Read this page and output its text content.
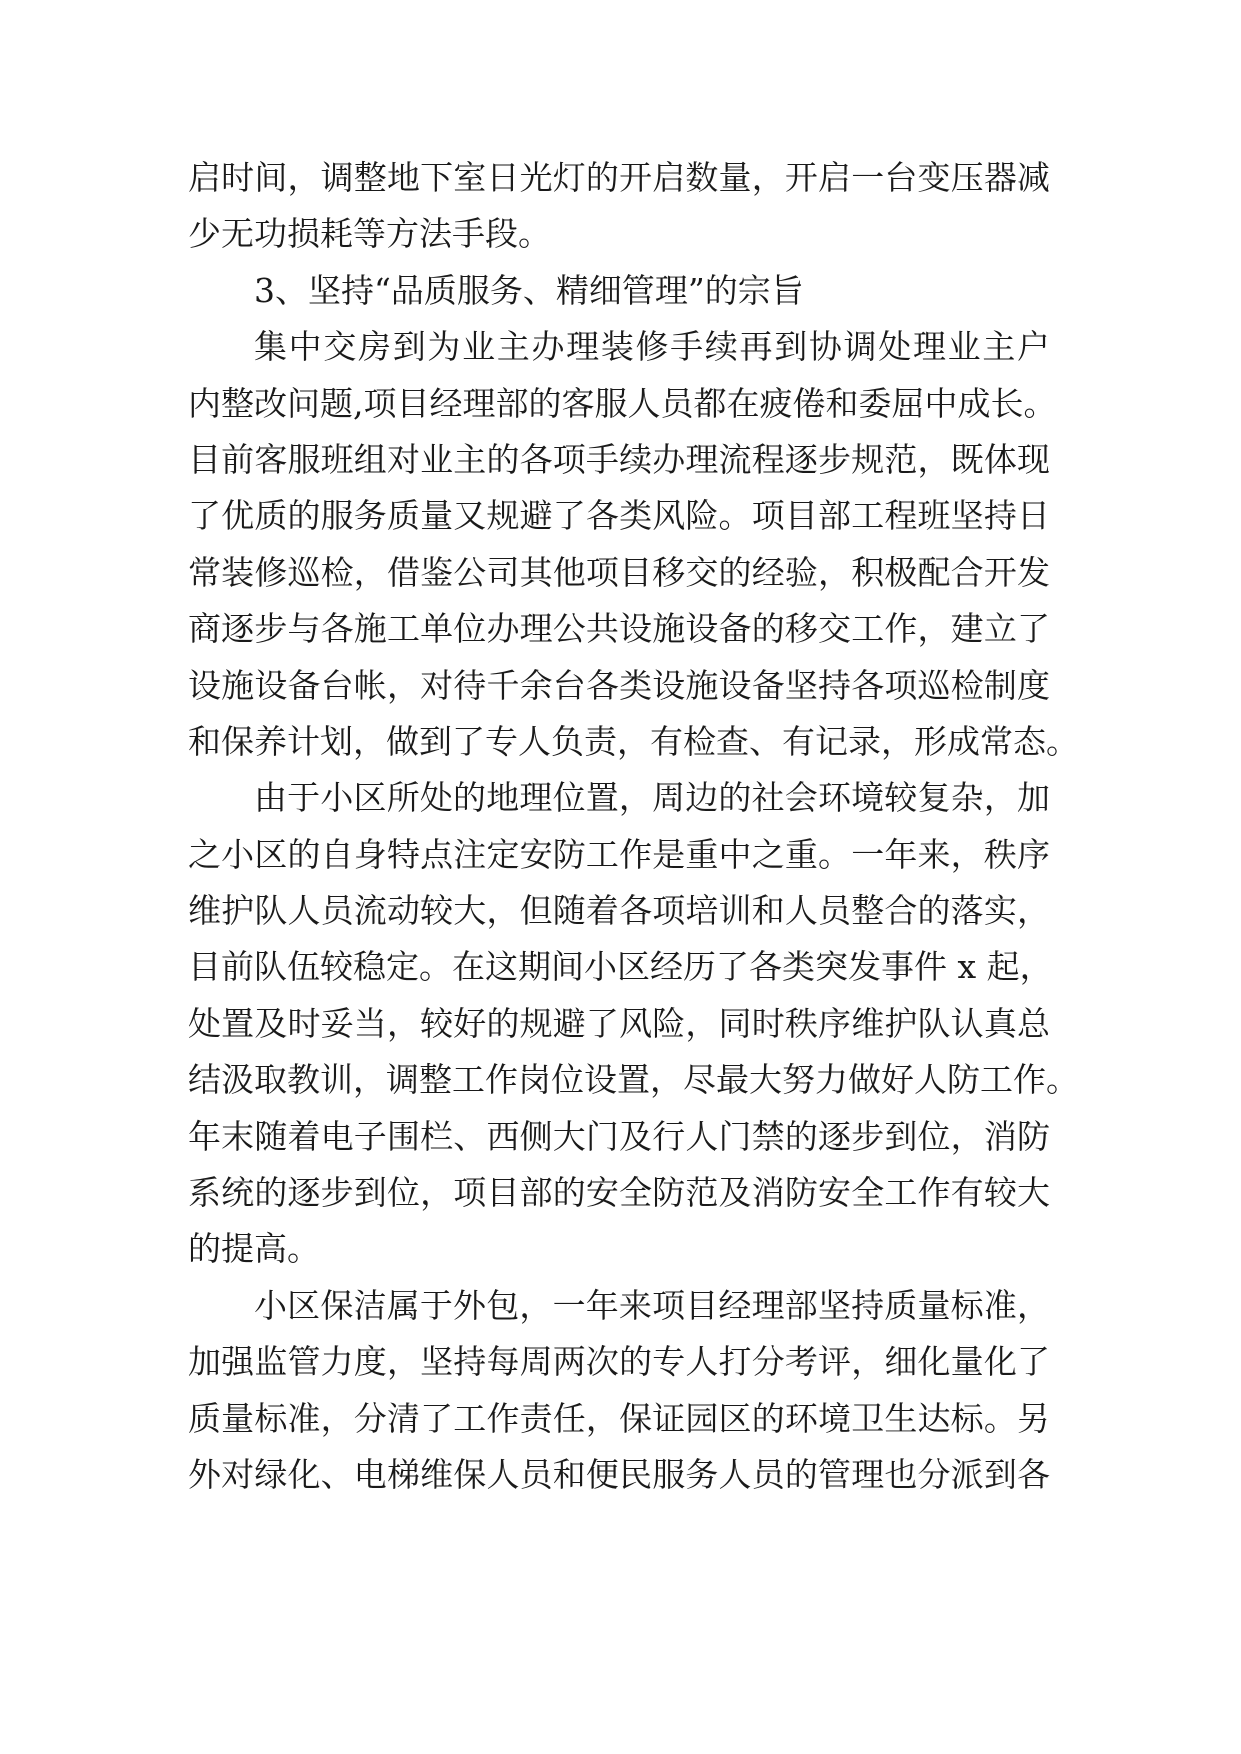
启时间，调整地下室日光灯的开启数量，开启一台变压器减
少无功损耗等方法手段。
3、坚持“品质服务、精细管理”的宗旨
集中交房到为业主办理装修手续再到协调处理业主户
内整改问题,项目经理部的客服人员都在疲倦和委屈中成长。
目前客服班组对业主的各项手续办理流程逐步规范，既体现
了优质的服务质量又规避了各类风险。项目部工程班坚持日
常装修巡检，借鉴公司其他项目移交的经验，积极配合开发
商逐步与各施工单位办理公共设施设备的移交工作，建立了
设施设备台帐，对待千余台各类设施设备坚持各项巡检制度
和保养计划，做到了专人负责，有检查、有记录，形成常态。
由于小区所处的地理位置，周边的社会环境较复杂，加
之小区的自身特点注定安防工作是重中之重。一年来，秩序
维护队人员流动较大，但随着各项培训和人员整合的落实，
目前队伍较稳定。在这期间小区经历了各类突发事件 x 起，
处置及时妥当，较好的规避了风险，同时秩序维护队认真总
结汲取教训，调整工作岗位设置，尽最大努力做好人防工作。
年末随着电子围栏、西侧大门及行人门禁的逐步到位，消防
系统的逐步到位，项目部的安全防范及消防安全工作有较大
的提高。
小区保洁属于外包，一年来项目经理部坚持质量标准，
加强监管力度，坚持每周两次的专人打分考评，细化量化了
质量标准，分清了工作责任，保证园区的环境卫生达标。另
外对绿化、电梯维保人员和便民服务人员的管理也分派到各
